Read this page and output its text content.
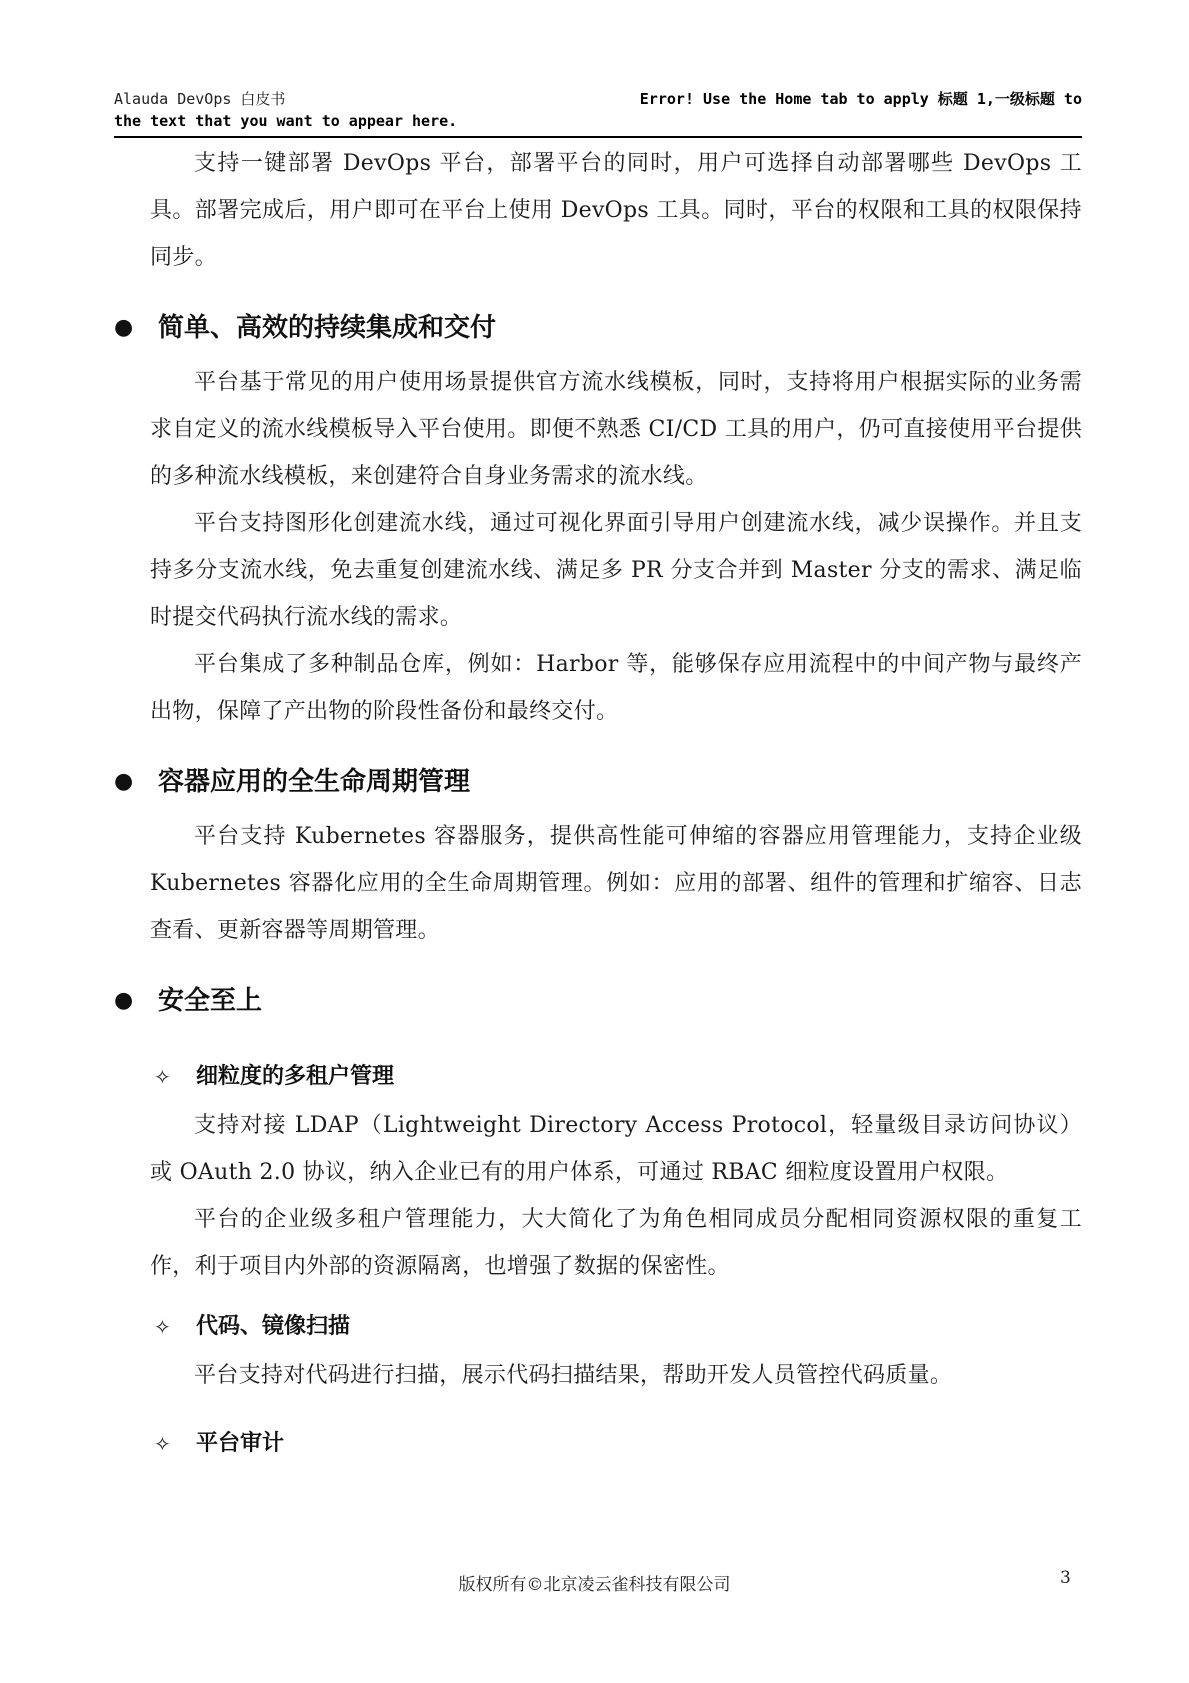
Alauda DevOps 白皮书	Error! Use the Home tab to apply 标题 1,一级标题 to
the text that you want to appear here.

支持一键部署 DevOps 平台，部署平台的同时，用户可选择自动部署哪些 DevOps 工具。部署完成后，用户即可在平台上使用 DevOps 工具。同时，平台的权限和工具的权限保持同步。

● 简单、高效的持续集成和交付

平台基于常见的用户使用场景提供官方流水线模板，同时，支持将用户根据实际的业务需求自定义的流水线模板导入平台使用。即便不熟悉 CI/CD 工具的用户，仍可直接使用平台提供的多种流水线模板，来创建符合自身业务需求的流水线。

平台支持图形化创建流水线，通过可视化界面引导用户创建流水线，减少误操作。并且支持多分支流水线，免去重复创建流水线、满足多 PR 分支合并到 Master 分支的需求、满足临时提交代码执行流水线的需求。

平台集成了多种制品仓库，例如：Harbor 等，能够保存应用流程中的中间产物与最终产出物，保障了产出物的阶段性备份和最终交付。

● 容器应用的全生命周期管理

平台支持 Kubernetes 容器服务，提供高性能可伸缩的容器应用管理能力，支持企业级 Kubernetes 容器化应用的全生命周期管理。例如：应用的部署、组件的管理和扩缩容、日志查看、更新容器等周期管理。

● 安全至上
✧ 细粒度的多租户管理

支持对接 LDAP（Lightweight Directory Access Protocol，轻量级目录访问协议）或 OAuth 2.0 协议，纳入企业已有的用户体系，可通过 RBAC 细粒度设置用户权限。

平台的企业级多租户管理能力，大大简化了为角色相同成员分配相同资源权限的重复工作，利于项目内外部的资源隔离，也增强了数据的保密性。

✧ 代码、镜像扫描

平台支持对代码进行扫描，展示代码扫描结果，帮助开发人员管控代码质量。

✧ 平台审计
版权所有©北京凌云雀科技有限公司	3
